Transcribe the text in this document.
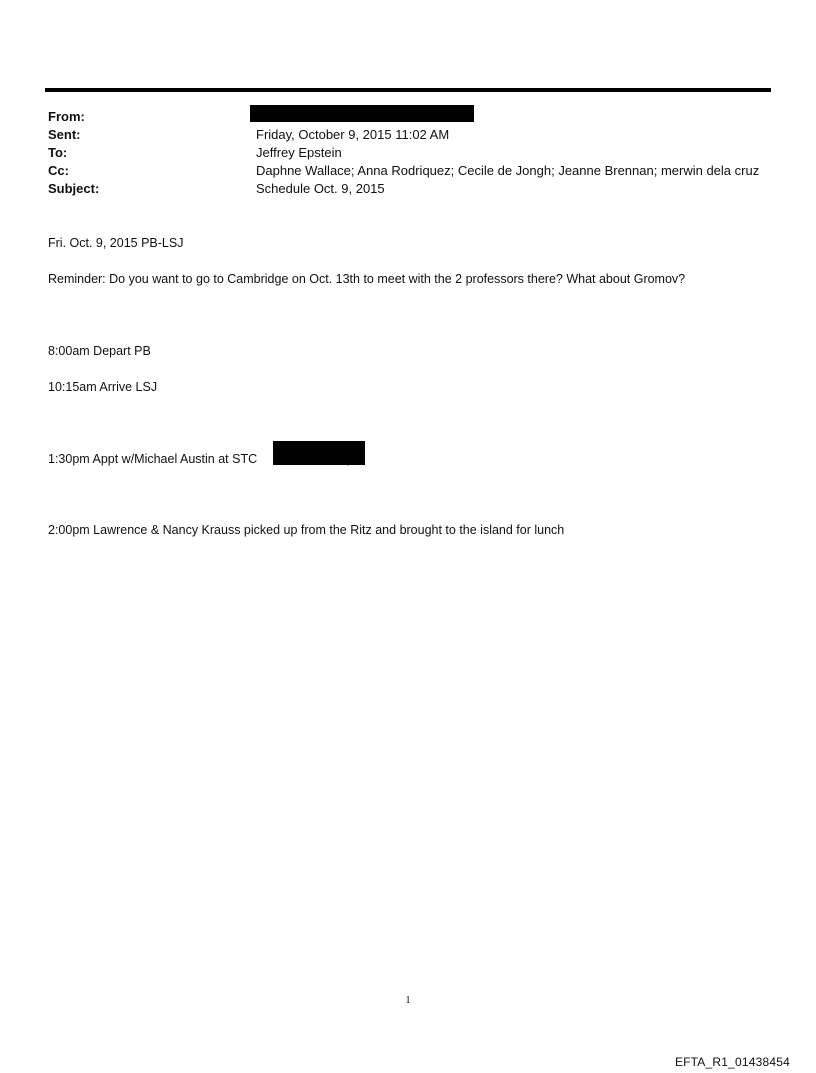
From:
Sent:	Friday, October 9, 2015 11:02 AM
To:	Jeffrey Epstein
Cc:	Daphne Wallace; Anna Rodriquez; Cecile de Jongh; Jeanne Brennan; merwin dela cruz
Subject:	Schedule Oct. 9, 2015
Fri. Oct. 9, 2015 PB-LSJ
Reminder: Do you want to go to Cambridge on Oct. 13th to meet with the 2 professors there? What about Gromov?
8:00am Depart PB
10:15am Arrive LSJ
1:30pm Appt w/Michael Austin at STC
2:00pm Lawrence & Nancy Krauss picked up from the Ritz and brought to the island for lunch
1
EFTA_R1_01438454
